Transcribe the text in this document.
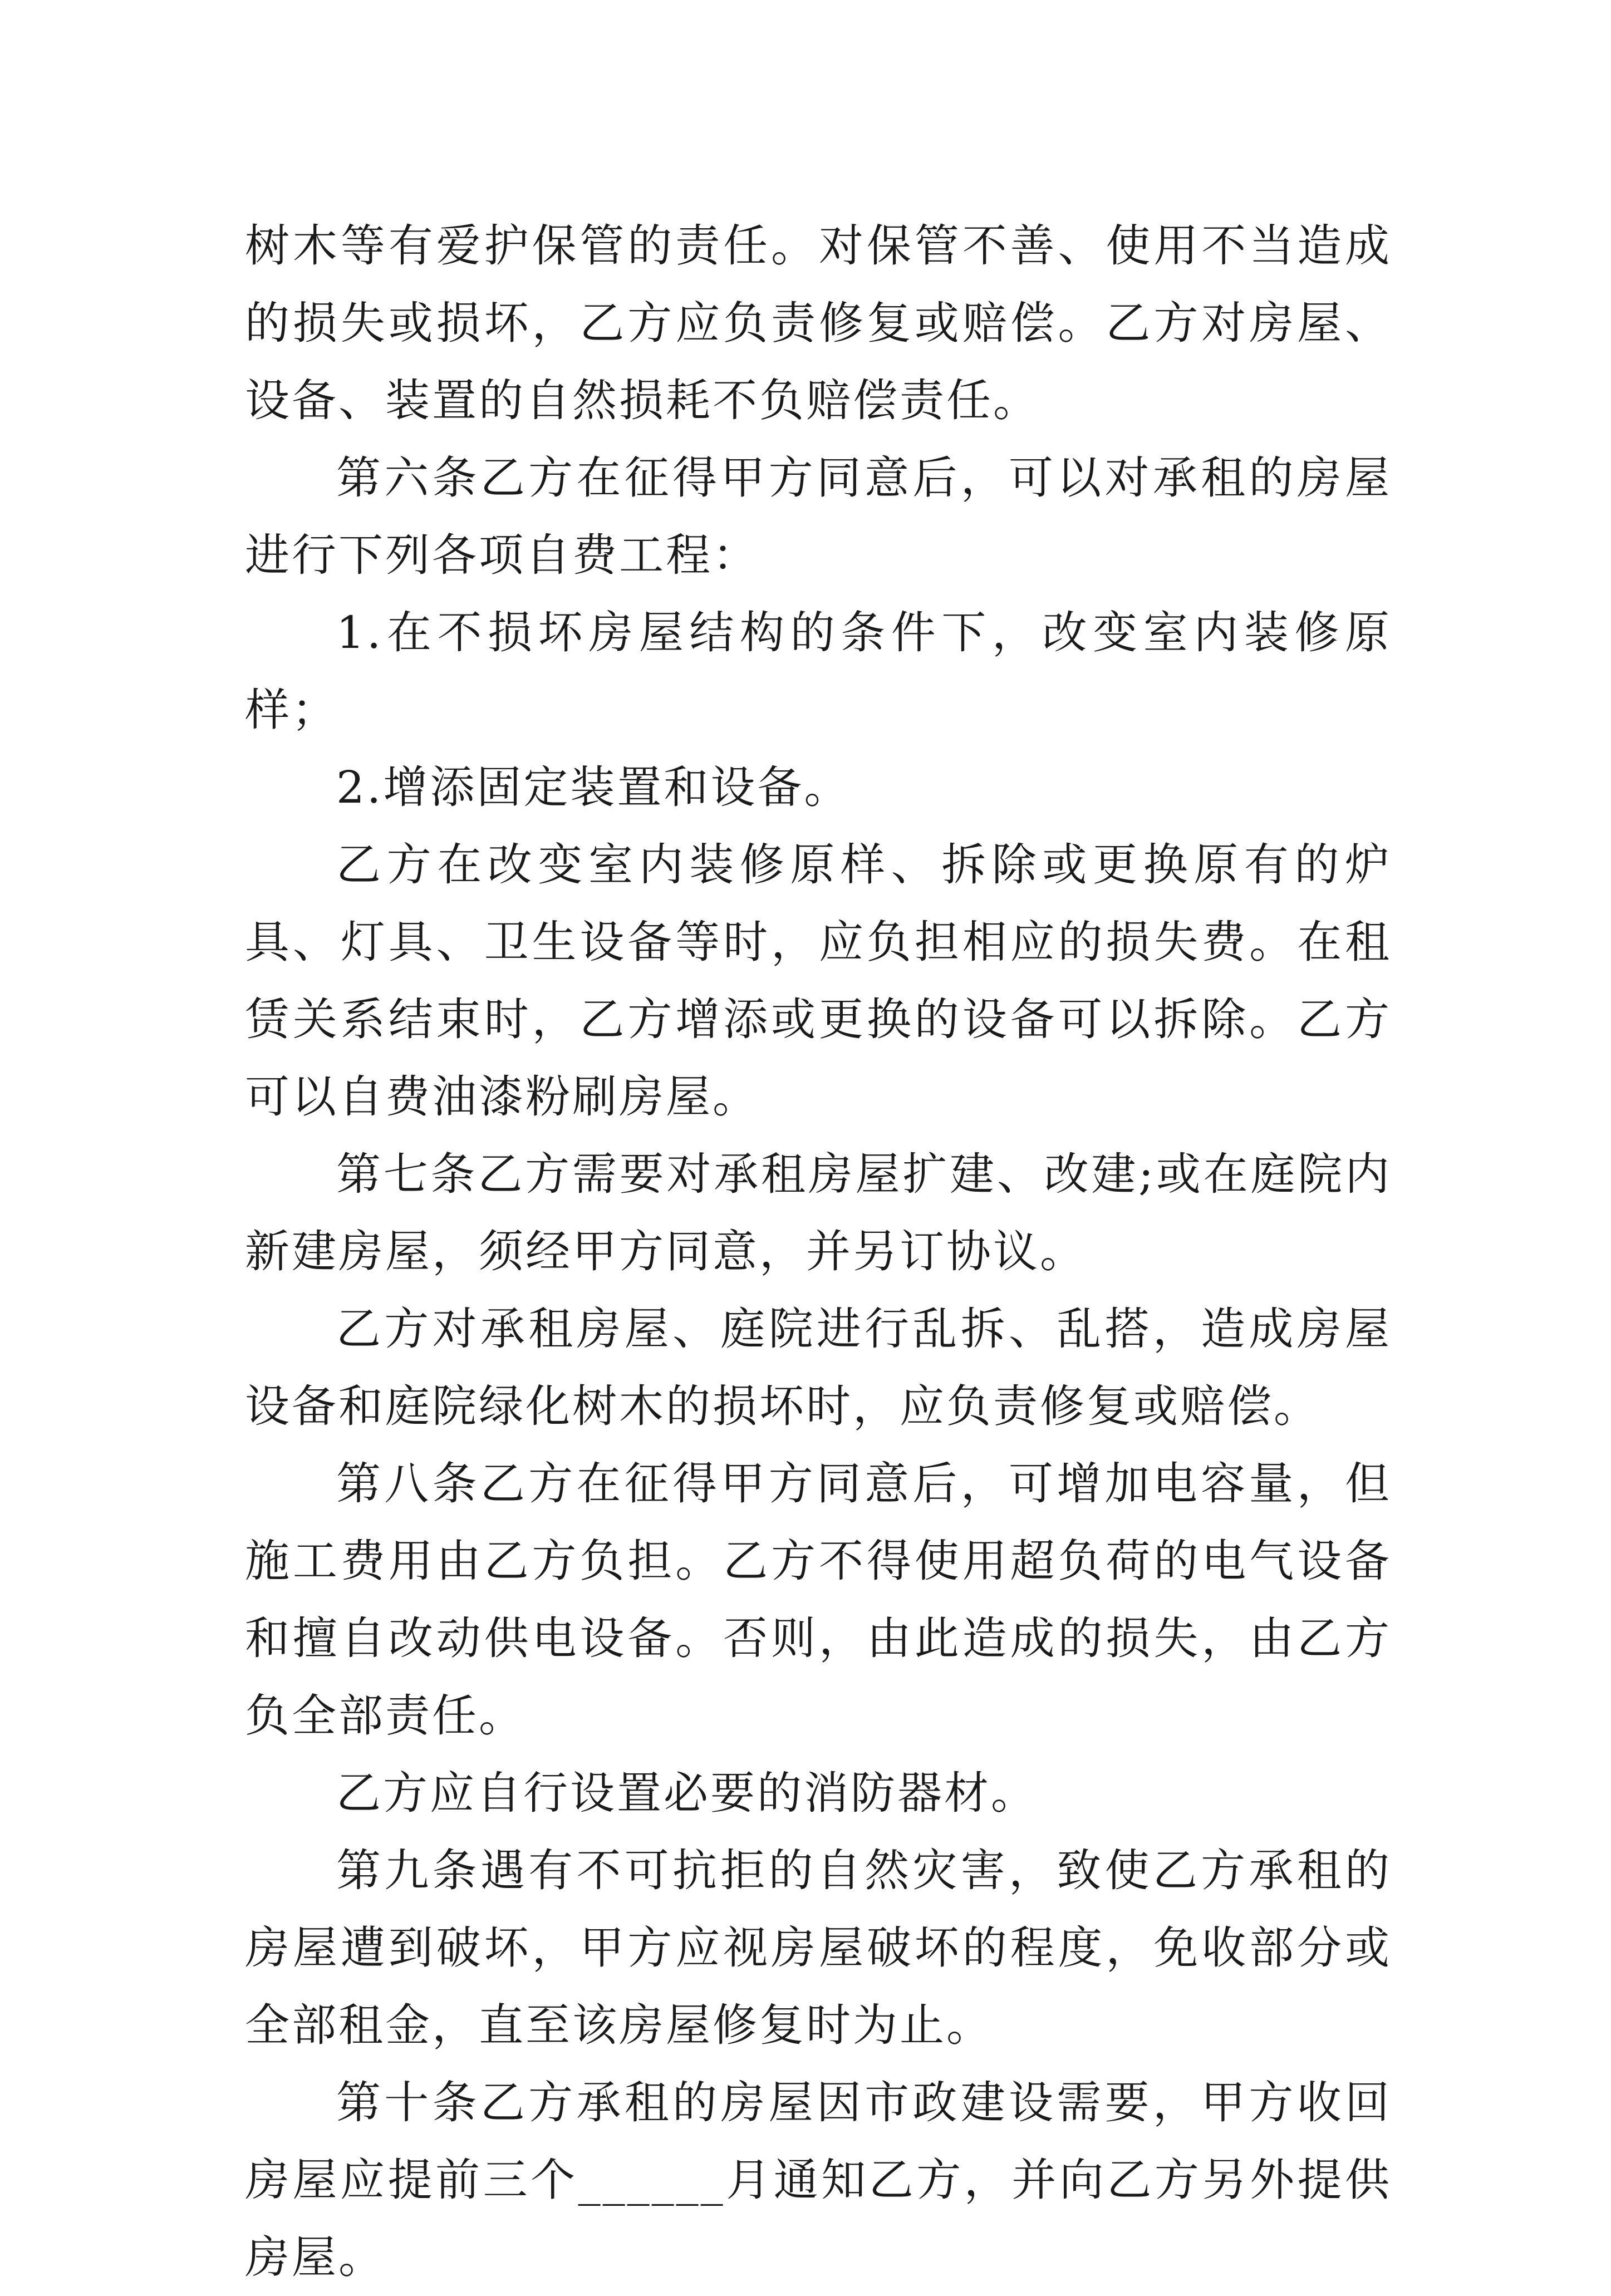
树木等有爱护保管的责任。对保管不善、使用不当造成的损失或损坏，乙方应负责修复或赔偿。乙方对房屋、设备、装置的自然损耗不负赔偿责任。

第六条乙方在征得甲方同意后，可以对承租的房屋进行下列各项自费工程：

1.在不损坏房屋结构的条件下，改变室内装修原样；

2.增添固定装置和设备。

乙方在改变室内装修原样、拆除或更换原有的炉具、灯具、卫生设备等时，应负担相应的损失费。在租赁关系结束时，乙方增添或更换的设备可以拆除。乙方可以自费油漆粉刷房屋。

第七条乙方需要对承租房屋扩建、改建;或在庭院内新建房屋，须经甲方同意，并另订协议。

乙方对承租房屋、庭院进行乱拆、乱搭，造成房屋设备和庭院绿化树木的损坏时，应负责修复或赔偿。

第八条乙方在征得甲方同意后，可增加电容量，但施工费用由乙方负担。乙方不得使用超负荷的电气设备和擅自改动供电设备。否则，由此造成的损失，由乙方负全部责任。

乙方应自行设置必要的消防器材。

第九条遇有不可抗拒的自然灾害，致使乙方承租的房屋遭到破坏，甲方应视房屋破坏的程度，免收部分或全部租金，直至该房屋修复时为止。

第十条乙方承租的房屋因市政建设需要，甲方收回房屋应提前三个______月通知乙方，并向乙方另外提供房屋。
